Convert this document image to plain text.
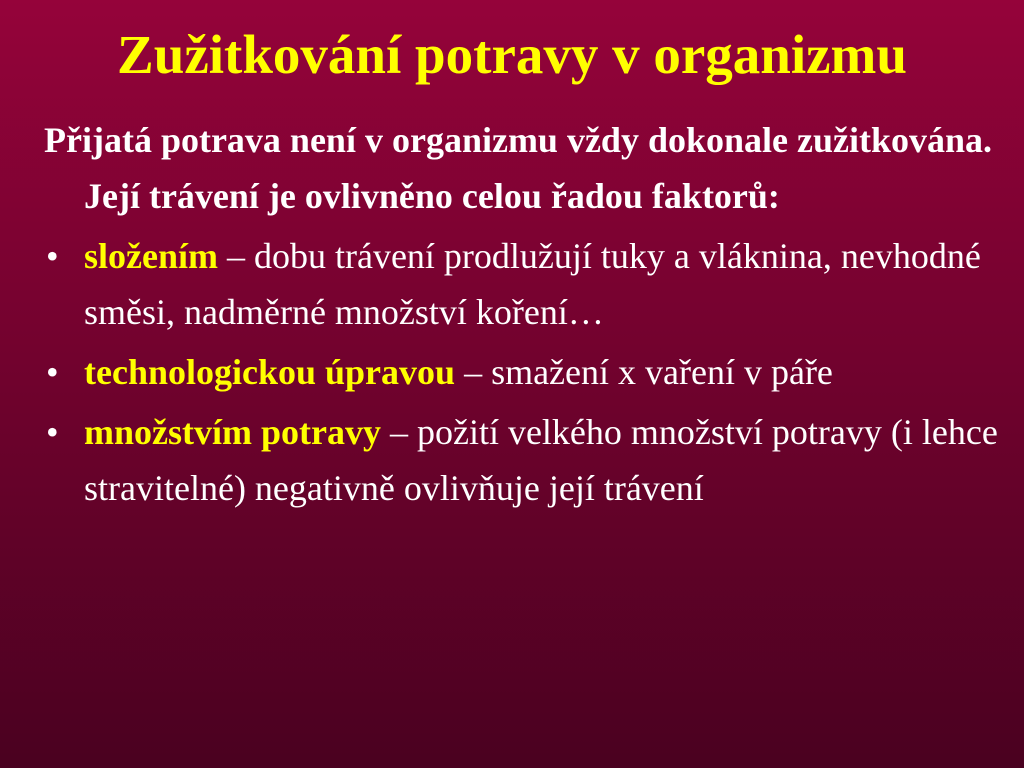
Zužitkování potravy v organizmu

Přijatá potrava není v organizmu vždy dokonale zužitkována. Její trávení je ovlivněno celou řadou faktorů:

• složením – dobu trávení prodlužují tuky a vláknina, nevhodné směsi, nadměrné množství koření…
• technologickou úpravou – smažení x vaření v páře
• množstvím potravy – požití velkého množství potravy (i lehce stravitelné) negativně ovlivňuje její trávení
